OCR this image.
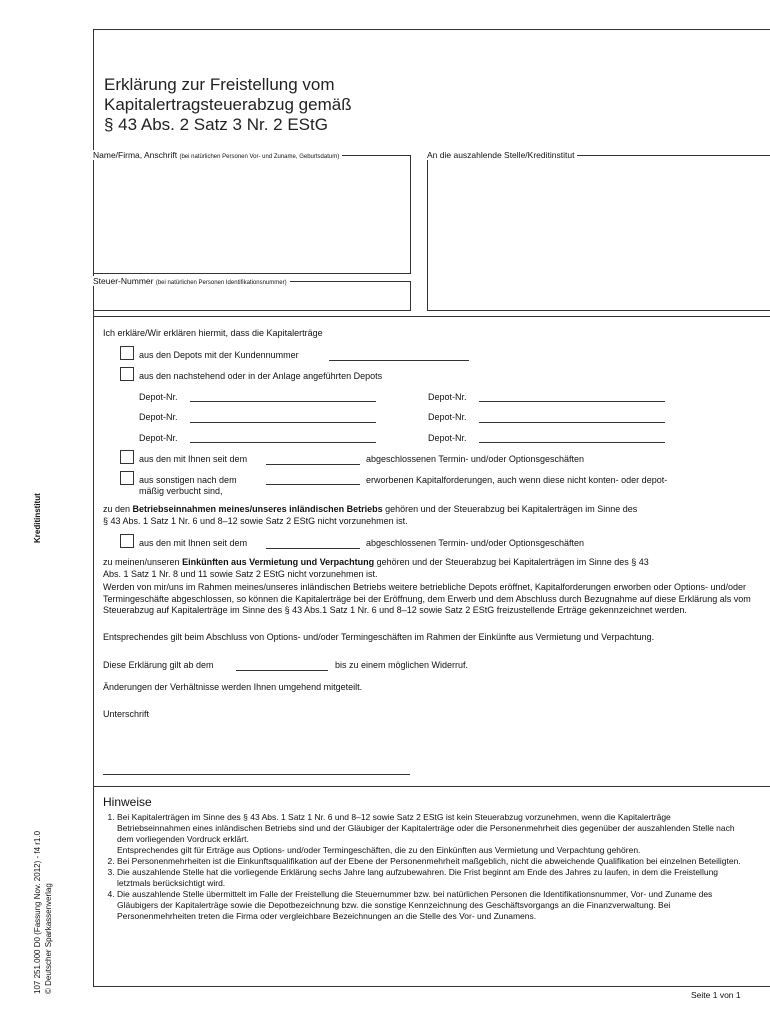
Erklärung zur Freistellung vom
Kapitalertragsteuerabzug gemäß
§ 43 Abs. 2 Satz 3 Nr. 2 EStG
Name/Firma, Anschrift (bei natürlichen Personen Vor- und Zuname, Geburtsdatum)	An die auszahlende Stelle/Kreditinstitut
Steuer-Nummer (bei natürlichen Personen Identifikationsnummer)
Ich erkläre/Wir erklären hiermit, dass die Kapitalerträge
aus den Depots mit der Kundennummer
aus den nachstehend oder in der Anlage angeführten Depots
Depot-Nr.	Depot-Nr.
Depot-Nr.	Depot-Nr.
Depot-Nr.	Depot-Nr.
aus den mit Ihnen seit dem	abgeschlossenen Termin- und/oder Optionsgeschäften
aus sonstigen nach dem	erworbenen Kapitalforderungen, auch wenn diese nicht konten- oder depot-
mäßig verbucht sind,
zu den Betriebseinnahmen meines/unseres inländischen Betriebs gehören und der Steuerabzug bei Kapitalerträgen im Sinne des
§ 43 Abs. 1 Satz 1 Nr. 6 und 8–12 sowie Satz 2 EStG nicht vorzunehmen ist.
aus den mit Ihnen seit dem	abgeschlossenen Termin- und/oder Optionsgeschäften
zu meinen/unseren Einkünften aus Vermietung und Verpachtung gehören und der Steuerabzug bei Kapitalerträgen im Sinne des § 43
Abs. 1 Satz 1 Nr. 8 und 11 sowie Satz 2 EStG nicht vorzunehmen ist.
Werden von mir/uns im Rahmen meines/unseres inländischen Betriebs weitere betriebliche Depots eröffnet, Kapitalforderungen erworben oder Options- und/oder Termingeschäfte abgeschlossen, so können die Kapitalerträge bei der Eröffnung, dem Erwerb und dem Abschluss durch Bezugnahme auf diese Erklärung als vom Steuerabzug auf Kapitalerträge im Sinne des § 43 Abs.1 Satz 1 Nr. 6 und 8–12 sowie Satz 2 EStG freizustellende Erträge gekennzeichnet werden.
Entsprechendes gilt beim Abschluss von Options- und/oder Termingeschäften im Rahmen der Einkünfte aus Vermietung und Verpachtung.
Diese Erklärung gilt ab dem	bis zu einem möglichen Widerruf.
Änderungen der Verhältnisse werden Ihnen umgehend mitgeteilt.
Unterschrift
Hinweise
1. Bei Kapitalerträgen im Sinne des § 43 Abs. 1 Satz 1 Nr. 6 und 8–12 sowie Satz 2 EStG ist kein Steuerabzug vorzunehmen, wenn die Kapitalerträge Betriebseinnahmen eines inländischen Betriebs sind und der Gläubiger der Kapitalerträge oder die Personenmehrheit dies gegenüber der auszahlenden Stelle nach dem vorliegenden Vordruck erklärt.
Entsprechendes gilt für Erträge aus Options- und/oder Termingeschäften, die zu den Einkünften aus Vermietung und Verpachtung gehören.
2. Bei Personenmehrheiten ist die Einkunftsqualifikation auf der Ebene der Personenmehrheit maßgeblich, nicht die abweichende Qualifikation bei einzelnen Beteiligten.
3. Die auszahlende Stelle hat die vorliegende Erklärung sechs Jahre lang aufzubewahren. Die Frist beginnt am Ende des Jahres zu laufen, in dem die Freistellung letztmals berücksichtigt wird.
4. Die auszahlende Stelle übermittelt im Falle der Freistellung die Steuernummer bzw. bei natürlichen Personen die Identifikationsnummer, Vor- und Zuname des Gläubigers der Kapitalerträge sowie die Depotbezeichnung bzw. die sonstige Kennzeichnung des Geschäftsvorgangs an die Finanzverwaltung. Bei Personenmehrheiten treten die Firma oder vergleichbare Bezeichnungen an die Stelle des Vor- und Zunamens.
Kreditinstitut
107 251.000 D0 (Fassung Nov. 2012) - f4 r1.0 © Deutscher Sparkassenverlag
Seite 1 von 1
